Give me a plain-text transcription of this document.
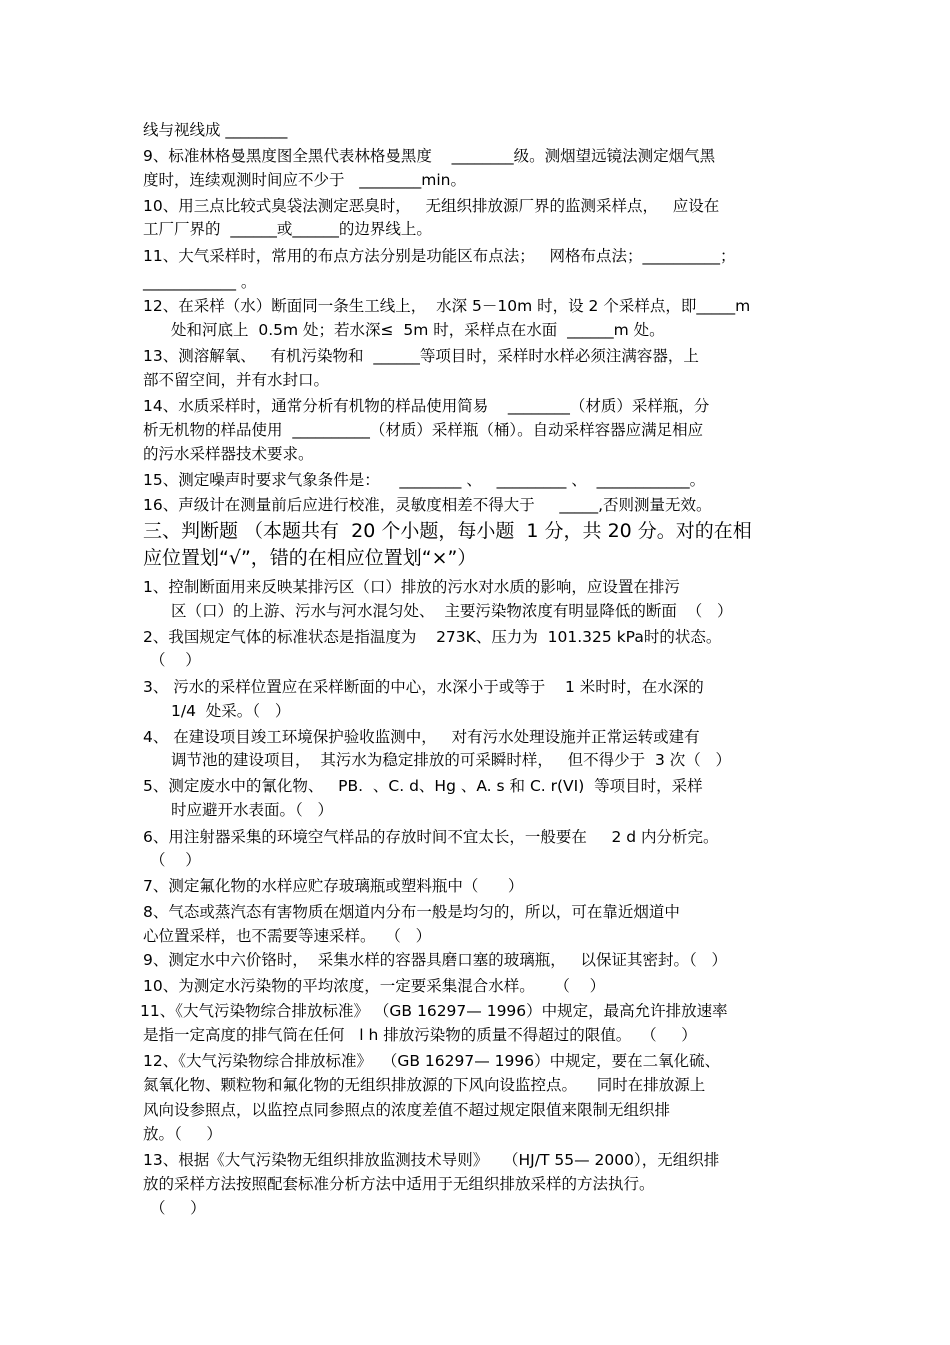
线与视线成 ________
9、标准林格曼黑度图全黑代表林格曼黑度    ________级。测烟望远镜法测定烟气黑
度时，连续观测时间应不少于   ________min。
10、用三点比较式臭袋法测定恶臭时，   无组织排放源厂界的监测采样点，   应设在
工厂厂界的  ______或______的边界线上。
11、大气采样时，常用的布点方法分别是功能区布点法；   网格布点法；__________；
____________ 。
12、在采样（水）断面同一条生工线上，  水深 5－10m 时，设 2 个采样点，即_____m
处和河底上  0.5m 处；若水深≤  5m 时，采样点在水面  ______m 处。
13、测溶解氧、   有机污染物和  ______等项目时，采样时水样必须注满容器，上
部不留空间，并有水封口。
14、水质采样时，通常分析有机物的样品使用简易    ________（材质）采样瓶，分
析无机物的样品使用  __________（材质）采样瓶（桶）。自动采样容器应满足相应
的污水采样器技术要求。
15、测定噪声时要求气象条件是：    ________ 、   _________ 、  ____________。
16、声级计在测量前后应进行校准，灵敏度相差不得大于     _____,否则测量无效。
三、判断题 （本题共有  20 个小题，每小题  1 分，共 20 分。对的在相
应位置划“√”，错的在相应位置划“×”）
1、控制断面用来反映某排污区（口）排放的污水对水质的影响，应设置在排污
区（口）的上游、污水与河水混匀处、  主要污染物浓度有明显降低的断面  （   ）
2、我国规定气体的标准状态是指温度为    273K、压力为  101.325 kPa时的状态。
（    ）
3、 污水的采样位置应在采样断面的中心，水深小于或等于    1 米时时，在水深的
1/4  处采。（   ）
4、 在建设项目竣工环境保护验收监测中，   对有污水处理设施并正常运转或建有
调节池的建设项目，  其污水为稳定排放的可采瞬时样，   但不得少于  3 次（   ）
5、测定废水中的氰化物、   PB.  、C. d、Hg 、A. s 和 C. r(VI)  等项目时，采样
时应避开水表面。（   ）
6、用注射器采集的环境空气样品的存放时间不宜太长，一般要在     2 d 内分析完。
（    ）
7、测定氟化物的水样应贮存玻璃瓶或塑料瓶中（      ）
8、气态或蒸汽态有害物质在烟道内分布一般是均匀的，所以，可在靠近烟道中
心位置采样，也不需要等速采样。  （   ）
9、测定水中六价铬时，  采集水样的容器具磨口塞的玻璃瓶，   以保证其密封。（   ）
10、为测定水污染物的平均浓度，一定要采集混合水样。    （    ）
11、《大气污染物综合排放标准》 （GB 16297— 1996）中规定，最高允许排放速率
是指一定高度的排气筒在任何   l h 排放污染物的质量不得超过的限值。  （     ）
12、《大气污染物综合排放标准》  （GB 16297— 1996）中规定，要在二氧化硫、
氮氧化物、颗粒物和氟化物的无组织排放源的下风向设监控点。    同时在排放源上
风向设参照点，以监控点同参照点的浓度差值不超过规定限值来限制无组织排
放。（     ）
13、根据《大气污染物无组织排放监测技术导则》   （HJ/T 55— 2000），无组织排
放的采样方法按照配套标准分析方法中适用于无组织排放采样的方法执行。
（     ）
